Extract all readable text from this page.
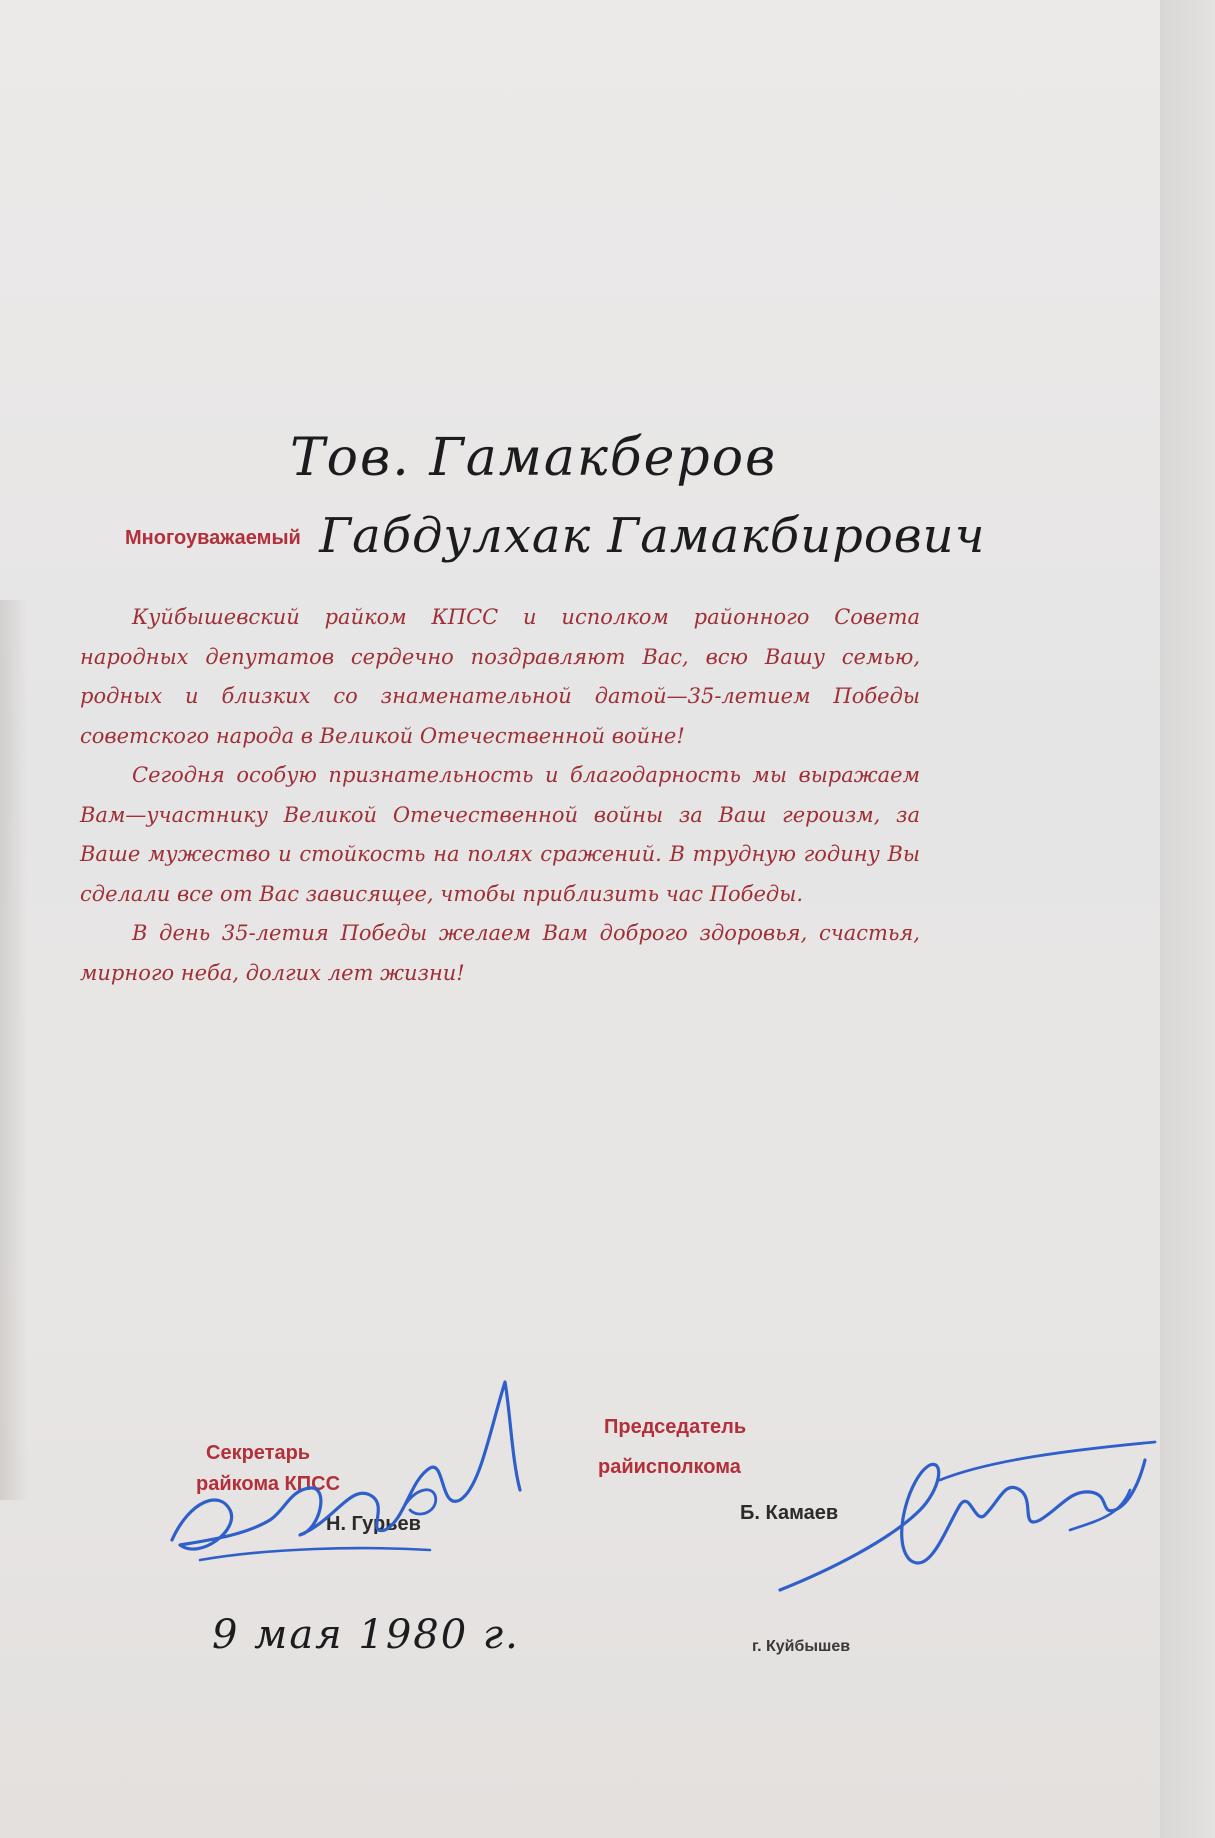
Тов. Гамакберов
Многоуважаемый Габдулхак Гамакбирович

Куйбышевский райком КПСС и исполком районного Совета народных депутатов сердечно поздравляют Вас, всю Вашу семью, родных и близких со знаменательной датой—35-летием Победы советского народа в Великой Отечественной войне!

Сегодня особую признательность и благодарность мы выражаем Вам—участнику Великой Отечественной войны за Ваш героизм, за Ваше мужество и стойкость на полях сражений. В трудную годину Вы сделали все от Вас зависящее, чтобы приблизить час Победы.

В день 35-летия Победы желаем Вам доброго здоровья, счастья, мирного неба, долгих лет жизни!

Секретарь
райкома КПСС
Н. Гурьев
Председатель
райисполкома
Б. Камаев
9 мая 1980 г.	г. Куйбышев
